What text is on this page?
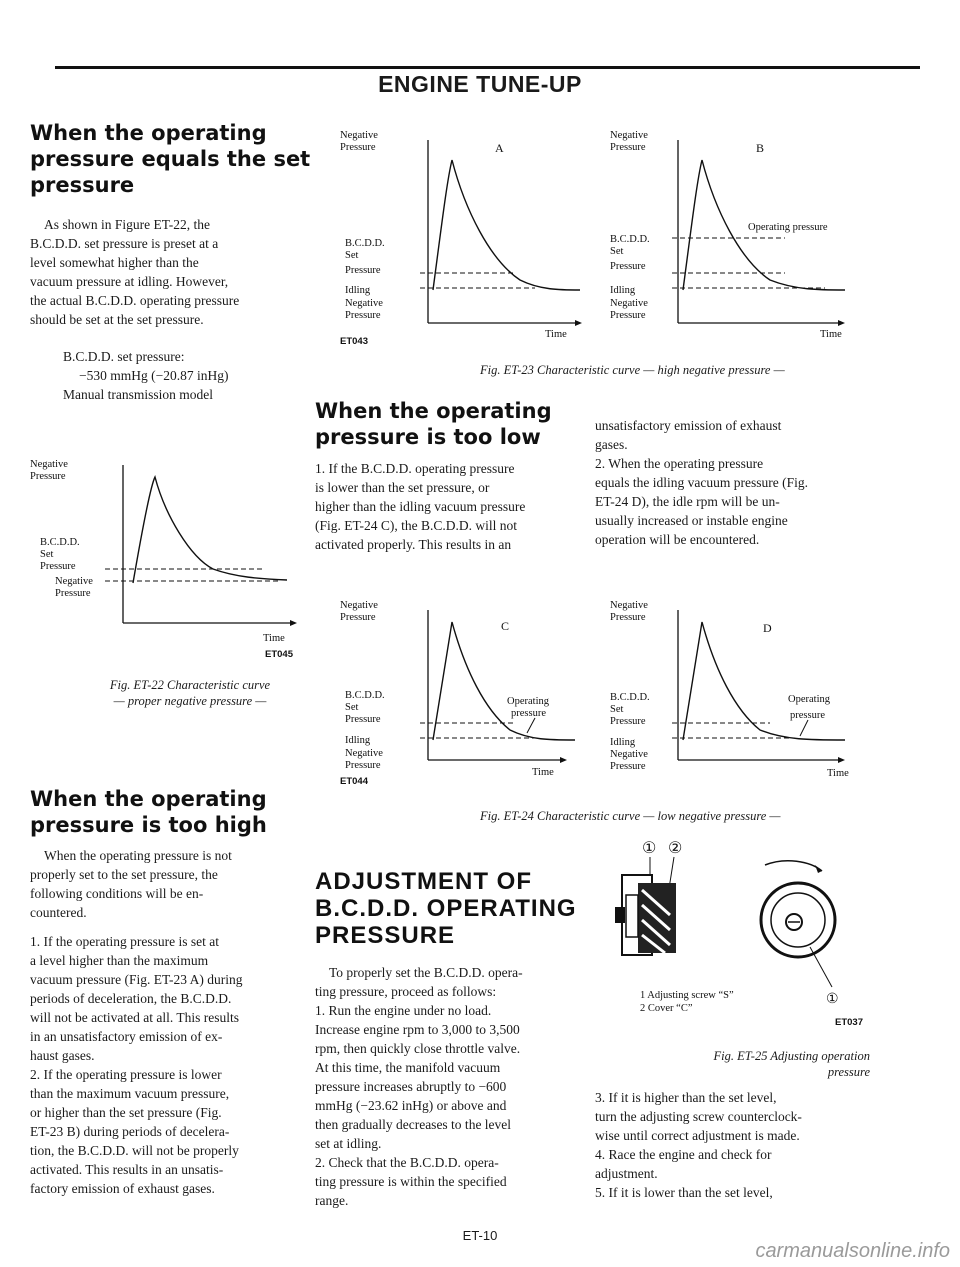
ENGINE TUNE-UP
When the operating
pressure equals the set
pressure
As shown in Figure ET-22, the
B.C.D.D. set pressure is preset at a
level somewhat higher than the
vacuum pressure at idling. However,
the actual B.C.D.D. operating pressure
should be set at the set pressure.
B.C.D.D. set pressure:
−530 mmHg (−20.87 inHg)
Manual transmission model
Negative
Pressure
B.C.D.D.
Set
Pressure
Negative
Pressure
Time
ET045
Fig. ET-22 Characteristic curve
— proper negative pressure —
When the operating
pressure is too high
When the operating pressure is not
properly set to the set pressure, the
following conditions will be en-
countered.
1. If the operating pressure is set at
a level higher than the maximum
vacuum pressure (Fig. ET-23 A) during
periods of deceleration, the B.C.D.D.
will not be activated at all. This results
in an unsatisfactory emission of ex-
haust gases.
2. If the operating pressure is lower
than the maximum vacuum pressure,
or higher than the set pressure (Fig.
ET-23 B) during periods of decelera-
tion, the B.C.D.D. will not be properly
activated. This results in an unsatis-
factory emission of exhaust gases.
A
Negative
Pressure
B.C.D.D.
Set
Pressure
Idling
Negative
Pressure
Time
ET043
B
Operating pressure
Negative
Pressure
B.C.D.D.
Set
Pressure
Idling
Negative
Pressure
Time
Fig. ET-23 Characteristic curve — high negative pressure —
When the operating
pressure is too low
1. If the B.C.D.D. operating pressure
is lower than the set pressure, or
higher than the idling vacuum pressure
(Fig. ET-24 C), the B.C.D.D. will not
activated properly. This results in an
unsatisfactory emission of exhaust
gases.
2. When the operating pressure
equals the idling vacuum pressure (Fig.
ET-24 D), the idle rpm will be un-
usually increased or instable engine
operation will be encountered.
C
Operating
pressure
Negative
Pressure
B.C.D.D.
Set
Pressure
Idling
Negative
Pressure
Time
ET044
D
Operating
pressure
Negative
Pressure
B.C.D.D.
Set
Pressure
Idling
Negative
Pressure
Time
Fig. ET-24 Characteristic curve — low negative pressure —
ADJUSTMENT OF
B.C.D.D. OPERATING
PRESSURE
To properly set the B.C.D.D. opera-
ting pressure, proceed as follows:
1. Run the engine under no load.
Increase engine rpm to 3,000 to 3,500
rpm, then quickly close throttle valve.
At this time, the manifold vacuum
pressure increases abruptly to −600
mmHg (−23.62 inHg) or above and
then gradually decreases to the level
set at idling.
2. Check that the B.C.D.D. opera-
ting pressure is within the specified
range.
① ②
①
1 Adjusting screw “S”
2 Cover “C”
ET037
Fig. ET-25 Adjusting operation
pressure
3. If it is higher than the set level,
turn the adjusting screw counterclock-
wise until correct adjustment is made.
4. Race the engine and check for
adjustment.
5. If it is lower than the set level,
ET-10
carmanualsonline.info
